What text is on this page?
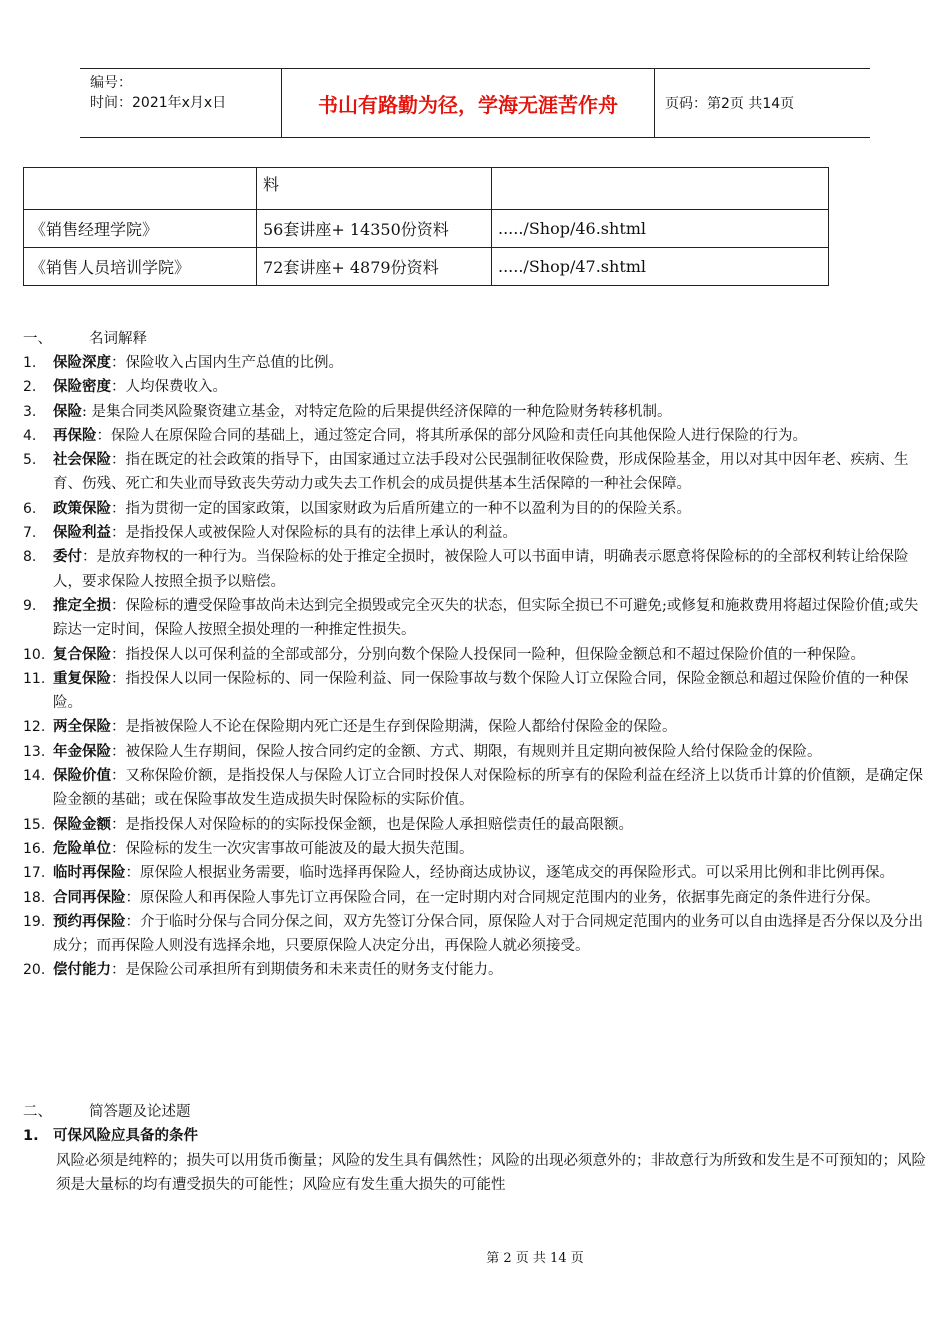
编号：
时间：2021年x月x日	书山有路勤为径，学海无涯苦作舟	页码：第2页 共14页
	料	
《销售经理学院》	56套讲座+ 14350份资料	...../Shop/46.shtml
《销售人员培训学院》	72套讲座+ 4879份资料	...../Shop/47.shtml
一、	名词解释
1. 保险深度：保险收入占国内生产总值的比例。
2. 保险密度：人均保费收入。
3. 保险: 是集合同类风险聚资建立基金，对特定危险的后果提供经济保障的一种危险财务转移机制。
4. 再保险：保险人在原保险合同的基础上，通过签定合同，将其所承保的部分风险和责任向其他保险人进行保险的行为。
5. 社会保险：指在既定的社会政策的指导下，由国家通过立法手段对公民强制征收保险费，形成保险基金，用以对其中因年老、疾病、生育、伤残、死亡和失业而导致丧失劳动力或失去工作机会的成员提供基本生活保障的一种社会保障。
6. 政策保险：指为贯彻一定的国家政策，以国家财政为后盾所建立的一种不以盈利为目的的保险关系。
7. 保险利益：是指投保人或被保险人对保险标的具有的法律上承认的利益。
8. 委付：是放弃物权的一种行为。当保险标的处于推定全损时，被保险人可以书面申请，明确表示愿意将保险标的的全部权利转让给保险人，要求保险人按照全损予以赔偿。
9. 推定全损：保险标的遭受保险事故尚未达到完全损毁或完全灭失的状态，但实际全损已不可避免;或修复和施救费用将超过保险价值;或失踪达一定时间，保险人按照全损处理的一种推定性损失。
10. 复合保险：指投保人以可保利益的全部或部分，分别向数个保险人投保同一险种，但保险金额总和不超过保险价值的一种保险。
11. 重复保险：指投保人以同一保险标的、同一保险利益、同一保险事故与数个保险人订立保险合同，保险金额总和超过保险价值的一种保险。
12. 两全保险：是指被保险人不论在保险期内死亡还是生存到保险期满，保险人都给付保险金的保险。
13. 年金保险：被保险人生存期间，保险人按合同约定的金额、方式、期限，有规则并且定期向被保险人给付保险金的保险。
14. 保险价值：又称保险价额，是指投保人与保险人订立合同时投保人对保险标的所享有的保险利益在经济上以货币计算的价值额，是确定保险金额的基础；或在保险事故发生造成损失时保险标的实际价值。
15. 保险金额：是指投保人对保险标的的实际投保金额，也是保险人承担赔偿责任的最高限额。
16. 危险单位：保险标的发生一次灾害事故可能波及的最大损失范围。
17. 临时再保险：原保险人根据业务需要，临时选择再保险人，经协商达成协议，逐笔成交的再保险形式。可以采用比例和非比例再保。
18. 合同再保险：原保险人和再保险人事先订立再保险合同，在一定时期内对合同规定范围内的业务，依据事先商定的条件进行分保。
19. 预约再保险：介于临时分保与合同分保之间，双方先签订分保合同，原保险人对于合同规定范围内的业务可以自由选择是否分保以及分出成分；而再保险人则没有选择余地，只要原保险人决定分出，再保险人就必须接受。
20. 偿付能力：是保险公司承担所有到期债务和未来责任的财务支付能力。
二、	简答题及论述题
1. 可保风险应具备的条件
风险必须是纯粹的；损失可以用货币衡量；风险的发生具有偶然性；风险的出现必须意外的；非故意行为所致和发生是不可预知的；风险须是大量标的均有遭受损失的可能性；风险应有发生重大损失的可能性
第 2 页 共 14 页
